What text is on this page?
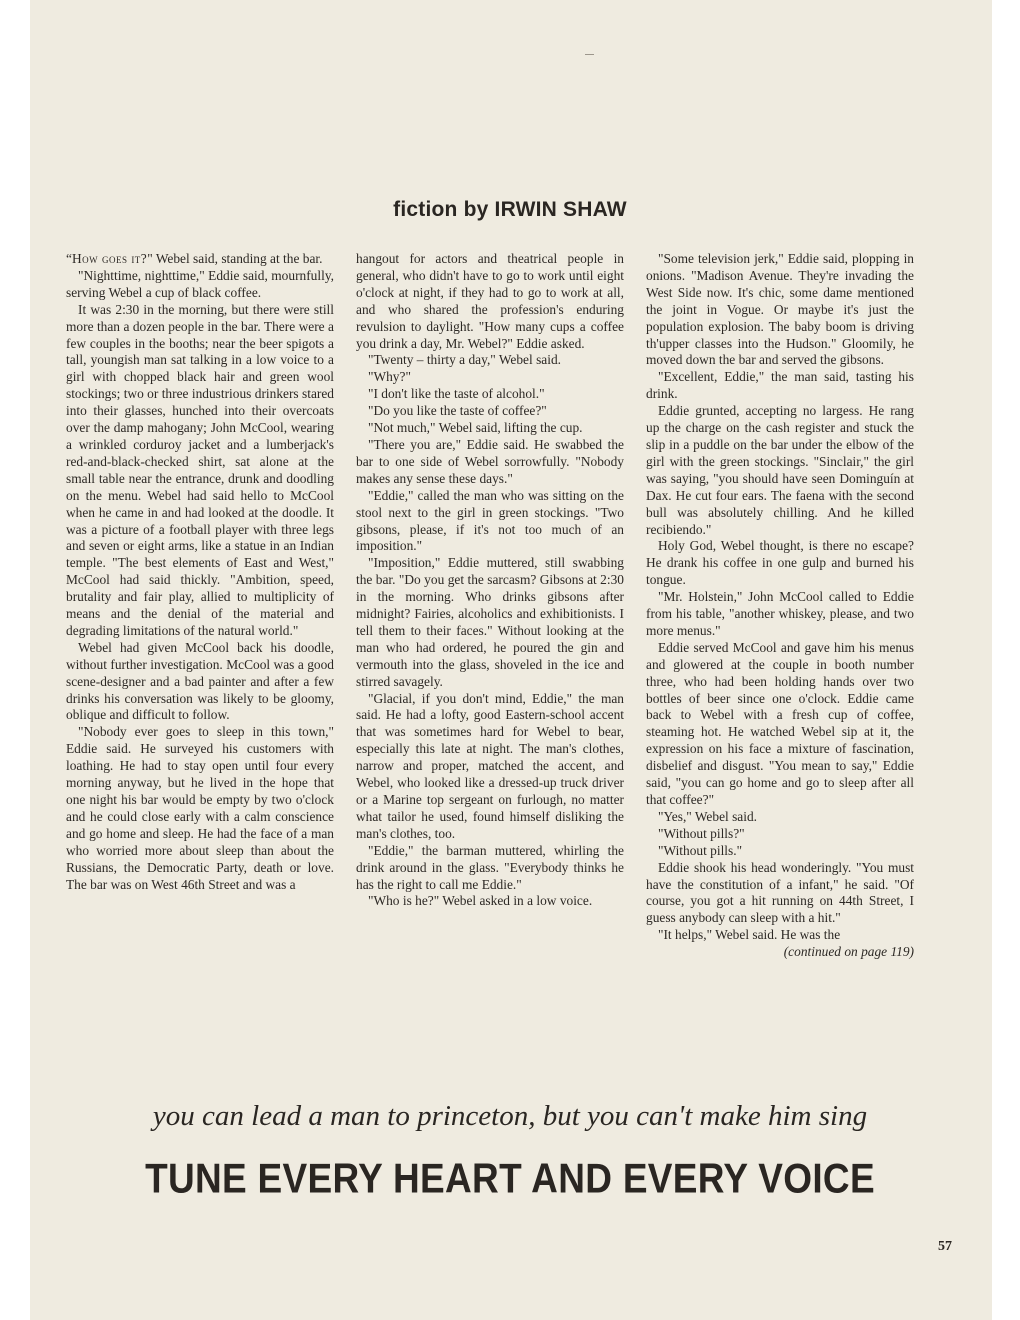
fiction by IRWIN SHAW

“How goes it?" Webel said, standing at the bar.

"Nighttime, nighttime," Eddie said, mournfully, serving Webel a cup of black coffee.

It was 2:30 in the morning, but there were still more than a dozen people in the bar. There were a few couples in the booths; near the beer spigots a tall, youngish man sat talking in a low voice to a girl with chopped black hair and green wool stockings; two or three industrious drinkers stared into their glasses, hunched into their overcoats over the damp mahogany; John McCool, wearing a wrinkled corduroy jacket and a lumberjack's red-and-black-checked shirt, sat alone at the small table near the entrance, drunk and doodling on the menu. Webel had said hello to McCool when he came in and had looked at the doodle. It was a picture of a football player with three legs and seven or eight arms, like a statue in an Indian temple. "The best elements of East and West," McCool had said thickly. "Ambition, speed, brutality and fair play, allied to multiplicity of means and the denial of the material and degrading limitations of the natural world."

Webel had given McCool back his doodle, without further investigation. McCool was a good scene-designer and a bad painter and after a few drinks his conversation was likely to be gloomy, oblique and difficult to follow.

"Nobody ever goes to sleep in this town," Eddie said. He surveyed his customers with loathing. He had to stay open until four every morning anyway, but he lived in the hope that one night his bar would be empty by two o'clock and he could close early with a calm conscience and go home and sleep. He had the face of a man who worried more about sleep than about the Russians, the Democratic Party, death or love. The bar was on West 46th Street and was a

hangout for actors and theatrical people in general, who didn't have to go to work until eight o'clock at night, if they had to go to work at all, and who shared the profession's enduring revulsion to daylight. "How many cups a coffee you drink a day, Mr. Webel?" Eddie asked.

"Twenty – thirty a day," Webel said.

"Why?"

"I don't like the taste of alcohol."

"Do you like the taste of coffee?"

"Not much," Webel said, lifting the cup.

"There you are," Eddie said. He swabbed the bar to one side of Webel sorrowfully. "Nobody makes any sense these days."

"Eddie," called the man who was sitting on the stool next to the girl in green stockings. "Two gibsons, please, if it's not too much of an imposition."

"Imposition," Eddie muttered, still swabbing the bar. "Do you get the sarcasm? Gibsons at 2:30 in the morning. Who drinks gibsons after midnight? Fairies, alcoholics and exhibitionists. I tell them to their faces." Without looking at the man who had ordered, he poured the gin and vermouth into the glass, shoveled in the ice and stirred savagely.

"Glacial, if you don't mind, Eddie," the man said. He had a lofty, good Eastern-school accent that was sometimes hard for Webel to bear, especially this late at night. The man's clothes, narrow and proper, matched the accent, and Webel, who looked like a dressed-up truck driver or a Marine top sergeant on furlough, no matter what tailor he used, found himself disliking the man's clothes, too.

"Eddie," the barman muttered, whirling the drink around in the glass. "Everybody thinks he has the right to call me Eddie."

"Who is he?" Webel asked in a low voice.

"Some television jerk," Eddie said, plopping in onions. "Madison Avenue. They're invading the West Side now. It's chic, some dame mentioned the joint in Vogue. Or maybe it's just the population explosion. The baby boom is driving th'upper classes into the Hudson." Gloomily, he moved down the bar and served the gibsons.

"Excellent, Eddie," the man said, tasting his drink.

Eddie grunted, accepting no largess. He rang up the charge on the cash register and stuck the slip in a puddle on the bar under the elbow of the girl with the green stockings. "Sinclair," the girl was saying, "you should have seen Dominguín at Dax. He cut four ears. The faena with the second bull was absolutely chilling. And he killed recibiendo."

Holy God, Webel thought, is there no escape? He drank his coffee in one gulp and burned his tongue.

"Mr. Holstein," John McCool called to Eddie from his table, "another whiskey, please, and two more menus."

Eddie served McCool and gave him his menus and glowered at the couple in booth number three, who had been holding hands over two bottles of beer since one o'clock. Eddie came back to Webel with a fresh cup of coffee, steaming hot. He watched Webel sip at it, the expression on his face a mixture of fascination, disbelief and disgust. "You mean to say," Eddie said, "you can go home and go to sleep after all that coffee?"

"Yes," Webel said.

"Without pills?"

"Without pills."

Eddie shook his head wonderingly. "You must have the constitution of a infant," he said. "Of course, you got a hit running on 44th Street, I guess anybody can sleep with a hit."

"It helps," Webel said. He was the

(continued on page 119)

you can lead a man to princeton, but you can't make him sing
TUNE EVERY HEART AND EVERY VOICE
57
